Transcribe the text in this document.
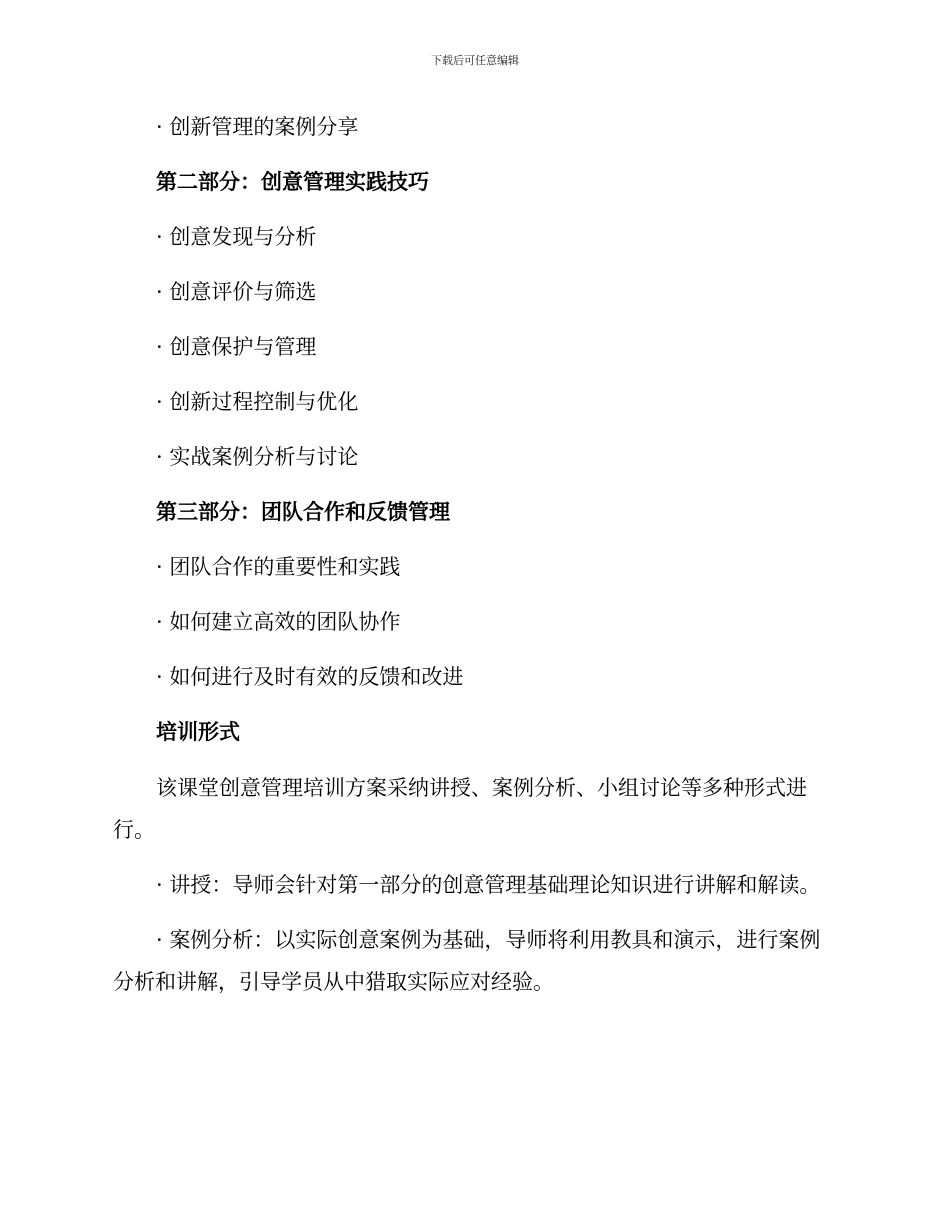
下载后可任意编辑
· 创新管理的案例分享
第二部分：创意管理实践技巧
· 创意发现与分析
· 创意评价与筛选
· 创意保护与管理
· 创新过程控制与优化
· 实战案例分析与讨论
第三部分：团队合作和反馈管理
· 团队合作的重要性和实践
· 如何建立高效的团队协作
· 如何进行及时有效的反馈和改进
培训形式
该课堂创意管理培训方案采纳讲授、案例分析、小组讨论等多种形式进行。
· 讲授：导师会针对第一部分的创意管理基础理论知识进行讲解和解读。
· 案例分析：以实际创意案例为基础，导师将利用教具和演示，进行案例分析和讲解，引导学员从中猎取实际应对经验。
